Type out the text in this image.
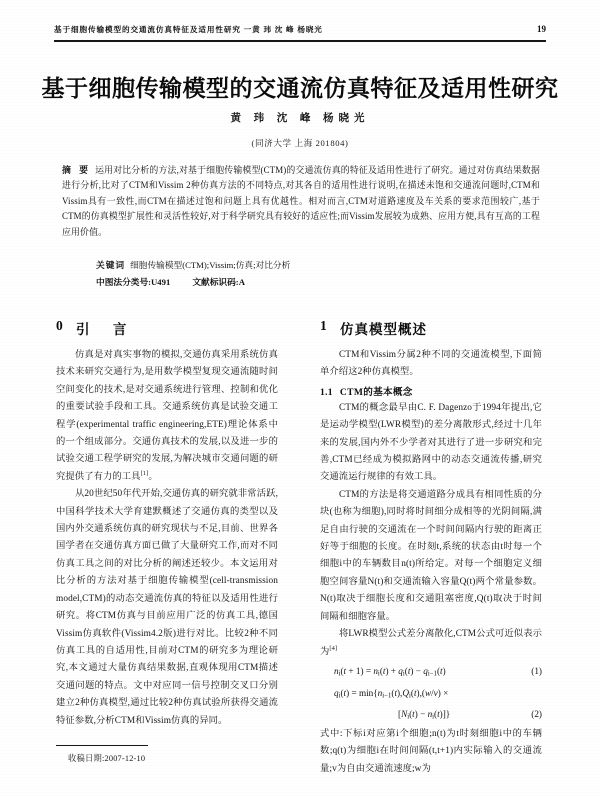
基于细胞传输模型的交通流仿真特征及适用性研究 一黄 玮 沈 峰 杨晓光	19
基于细胞传输模型的交通流仿真特征及适用性研究
黄 玮 沈 峰 杨晓光
(同济大学 上海 201804)
摘 要 运用对比分析的方法,对基于细胞传输模型(CTM)的交通流仿真的特征及适用性进行了研究。通过对仿真结果数据进行分析,比对了CTM和Vissim 2种仿真方法的不同特点,对其各自的适用性进行说明,在描述未饱和交通流问题时,CTM和Vissim具有一致性,而CTM在描述过饱和问题上具有优越性。相对而言,CTM对道路速度及车关系的要求范围较广,基于CTM的仿真模型扩展性和灵活性较好,对于科学研究具有较好的适应性;而Vissim发展较为成熟、应用方便,具有互高的工程应用价值。
关键词 细胞传输模型(CTM);Vissim;仿真;对比分析
中图法分类号:U491	文献标识码:A
0 引 言

仿真是对真实事物的模拟,交通仿真采用系统仿真技术来研究交通行为,是用数学模型复现交通流随时间空间变化的技术,是对交通系统进行管理、控制和优化的重要试验手段和工具。交通系统仿真是试验交通工程学(experimental traffic engineering,ETE)理论体系中的一个组成部分。交通仿真技术的发展,以及进一步的试验交通工程学研究的发展,为解决城市交通问题的研究提供了有力的工具[1]。

从20世纪50年代开始,交通仿真的研究就非常活跃,中国科学技术大学育建默概述了交通仿真的类型以及国内外交通系统仿真的研究现状与不足,目前、世界各国学者在交通仿真方面已做了大量研究工作,而对不同仿真工具之间的对比分析的阐述还较少。本文运用对比分析的方法对基于细胞传输模型(cell-transmission model,CTM)的动态交通流仿真的特征以及适用性进行研究。将CTM仿真与目前应用广泛的仿真工具,德国Vissim仿真软件(Vissim4.2版)进行对比。比较2种不同仿真工具的自适用性,目前对CTM的研究多为理论研究,本文通过大量仿真结果数据,直观体现用CTM描述交通问题的特点。文中对应同一信号控制交叉口分别建立2种仿真模型,通过比较2种仿真试验所获得交通流特征参数,分析CTM和Vissim仿真的异同。

1 仿真模型概述

CTM和Vissim分属2种不同的交通流模型,下面简单介绍这2种仿真模型。

1.1 CTM的基本概念

CTM的概念最早由C. F. Dagenzo于1994年提出,它是运动学模型(LWR模型)的差分离散形式,经过十几年来的发展,国内外不少学者对其进行了进一步研究和完善,CTM已经成为模拟路网中的动态交通流传播,研究交通流运行规律的有效工具。

CTM的方法是将交通道路分成具有相同性质的分块(也称为细胞),同时将时间细分成相等的光阴间隔,满足自由行驶的交通流在一个时间间隔内行驶的距离正好等于细胞的长度。在时刻t,系统的状态由t时每一个细胞i中的车辆数目n(t)所给定。对每一个细胞定义细胞空间容量N(t)和交通流输入容量Q(t)两个常量参数。N(t)取决于细胞长度和交通阻塞密度,Q(t)取决于时间间隔和细胞容量。

将LWR模型公式差分离散化,CTM公式可近似表示为[4]

$n_i(t + 1) = n_i(t) + q_i(t) - q_{i-1}(t)$	(1)
$q_i(t) = \min\{n_{i-1}(t),Q_i(t),(w/v)$ ×
$[N_i(t) - n_i(t)]$}	(2)

式中:下标i对应第i个细胞;n(t)为t时刻细胞i中的车辆数;q(t)为细胞i在时间间隔(t,t+1)内实际输入的交通流量;v为自由交通流速度;w为

收稿日期:2007-12-10
